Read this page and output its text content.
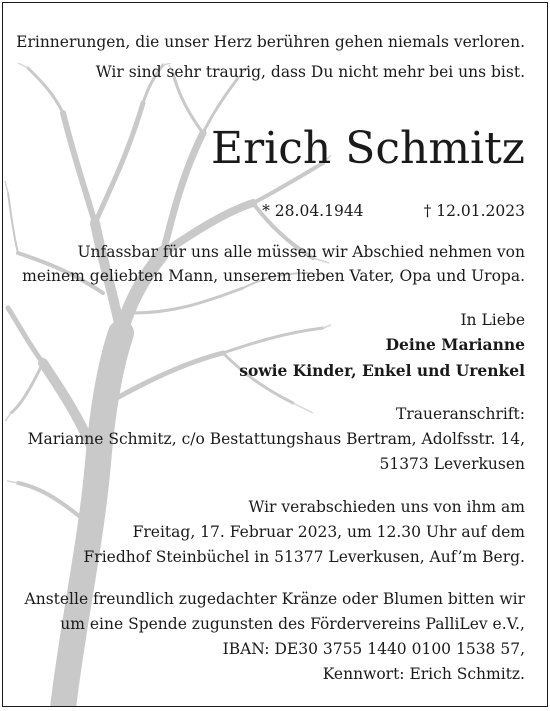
Erinnerungen, die unser Herz berühren gehen niemals verloren.
Wir sind sehr traurig, dass Du nicht mehr bei uns bist.
Erich Schmitz
* 28.04.1944	† 12.01.2023
Unfassbar für uns alle müssen wir Abschied nehmen von
meinem geliebten Mann, unserem lieben Vater, Opa und Uropa.
In Liebe
Deine Marianne
sowie Kinder, Enkel und Urenkel
Traueranschrift:
Marianne Schmitz, c/o Bestattungshaus Bertram, Adolfsstr. 14,
51373 Leverkusen
Wir verabschieden uns von ihm am
Freitag, 17. Februar 2023, um 12.30 Uhr auf dem
Friedhof Steinbüchel in 51377 Leverkusen, Auf’m Berg.
Anstelle freundlich zugedachter Kränze oder Blumen bitten wir
um eine Spende zugunsten des Fördervereins PalliLev e.V.,
IBAN: DE30 3755 1440 0100 1538 57,
Kennwort: Erich Schmitz.
